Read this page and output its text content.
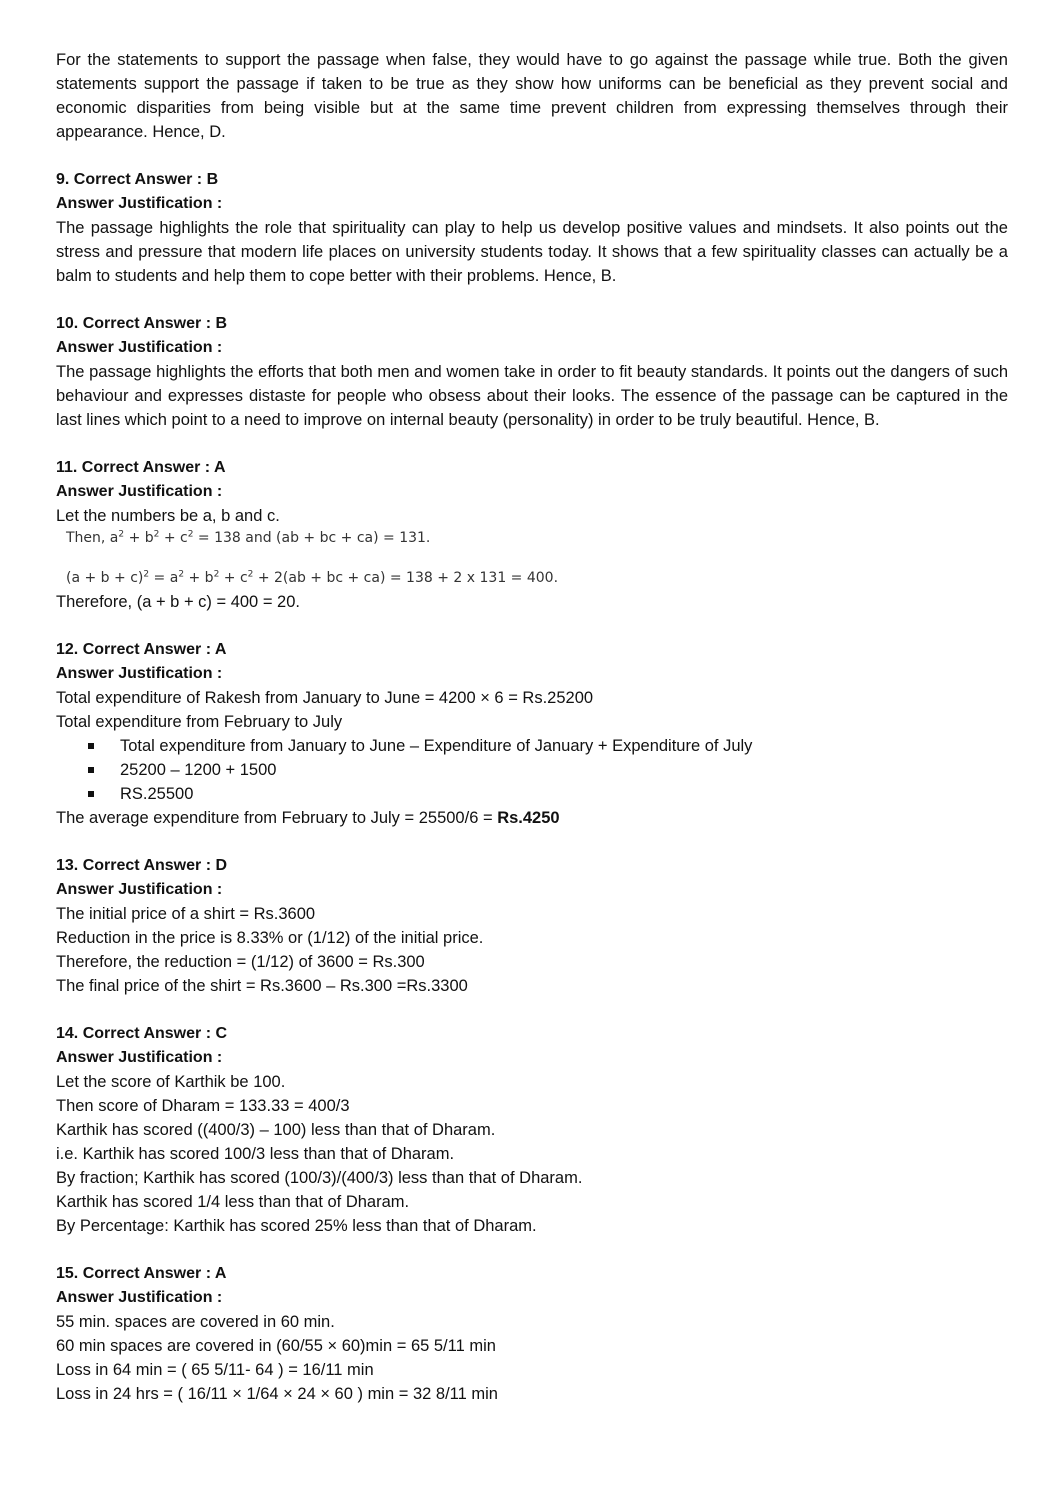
For the statements to support the passage when false, they would have to go against the passage while true. Both the given statements support the passage if taken to be true as they show how uniforms can be beneficial as they prevent social and economic disparities from being visible but at the same time prevent children from expressing themselves through their appearance. Hence, D.

9. Correct Answer : B

Answer Justification :

The passage highlights the role that spirituality can play to help us develop positive values and mindsets. It also points out the stress and pressure that modern life places on university students today. It shows that a few spirituality classes can actually be a balm to students and help them to cope better with their problems. Hence, B.

10. Correct Answer : B

Answer Justification :

The passage highlights the efforts that both men and women take in order to fit beauty standards. It points out the dangers of such behaviour and expresses distaste for people who obsess about their looks. The essence of the passage can be captured in the last lines which point to a need to improve on internal beauty (personality) in order to be truly beautiful. Hence, B.

11. Correct Answer : A

Answer Justification :

Let the numbers be a, b and c.

Then, $a^2 + b^2 + c^2 = 138$ and (ab + bc + ca) = 131.

$(a + b + c)^2 = a^2 + b^2 + c^2 + 2(ab$ + bc + ca) = 138 + 2 x 131 = 400.

Therefore, (a + b + c) = 400 = 20.

12. Correct Answer : A

Answer Justification :

Total expenditure of Rakesh from January to June = 4200 × 6 = Rs.25200

Total expenditure from February to July

Total expenditure from January to June – Expenditure of January + Expenditure of July
25200 – 1200 + 1500
RS.25500

The average expenditure from February to July = 25500/6 = Rs.4250

13. Correct Answer : D

Answer Justification :

The initial price of a shirt = Rs.3600

Reduction in the price is 8.33% or (1/12) of the initial price.

Therefore, the reduction = (1/12) of 3600 = Rs.300

The final price of the shirt = Rs.3600 – Rs.300 =Rs.3300

14. Correct Answer : C

Answer Justification :

Let the score of Karthik be 100.

Then score of Dharam = 133.33 = 400/3

Karthik has scored ((400/3) – 100) less than that of Dharam.

i.e. Karthik has scored 100/3 less than that of Dharam.

By fraction; Karthik has scored (100/3)/(400/3) less than that of Dharam.

Karthik has scored 1/4 less than that of Dharam.

By Percentage: Karthik has scored 25% less than that of Dharam.

15. Correct Answer : A

Answer Justification :

55 min. spaces are covered in 60 min.

60 min spaces are covered in (60/55 × 60)min = 65 5/11 min

Loss in 64 min = ( 65 5/11- 64 ) = 16/11 min

Loss in 24 hrs = ( 16/11 × 1/64 × 24 × 60 ) min = 32 8/11 min
